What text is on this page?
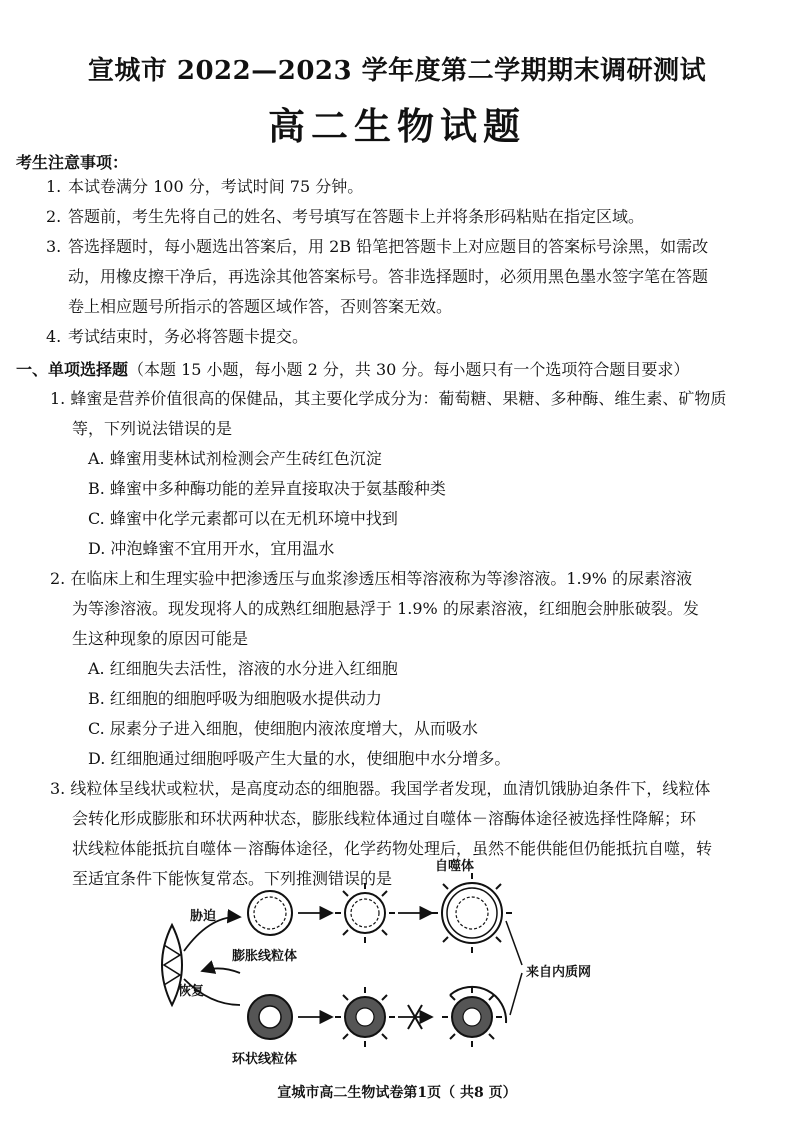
宣城市 2022—2023 学年度第二学期期末调研测试
高二生物试题
考生注意事项：
1. 本试卷满分 100 分，考试时间 75 分钟。
2. 答题前，考生先将自己的姓名、考号填写在答题卡上并将条形码粘贴在指定区域。
3. 答选择题时，每小题选出答案后，用 2B 铅笔把答题卡上对应题目的答案标号涂黑，如需改
动，用橡皮擦干净后，再选涂其他答案标号。答非选择题时，必须用黑色墨水签字笔在答题
卷上相应题号所指示的答题区域作答，否则答案无效。
4. 考试结束时，务必将答题卡提交。
一、单项选择题（本题 15 小题，每小题 2 分，共 30 分。每小题只有一个选项符合题目要求）
1. 蜂蜜是营养价值很高的保健品，其主要化学成分为：葡萄糖、果糖、多种酶、维生素、矿物质
等，下列说法错误的是
A. 蜂蜜用斐林试剂检测会产生砖红色沉淀
B. 蜂蜜中多种酶功能的差异直接取决于氨基酸种类
C. 蜂蜜中化学元素都可以在无机环境中找到
D. 冲泡蜂蜜不宜用开水，宜用温水
2. 在临床上和生理实验中把渗透压与血浆渗透压相等溶液称为等渗溶液。1.9% 的尿素溶液
为等渗溶液。现发现将人的成熟红细胞悬浮于 1.9% 的尿素溶液，红细胞会肿胀破裂。发
生这种现象的原因可能是
A. 红细胞失去活性，溶液的水分进入红细胞
B. 红细胞的细胞呼吸为细胞吸水提供动力
C. 尿素分子进入细胞，使细胞内液浓度增大，从而吸水
D. 红细胞通过细胞呼吸产生大量的水，使细胞中水分增多。
3. 线粒体呈线状或粒状，是高度动态的细胞器。我国学者发现，血清饥饿胁迫条件下，线粒体
会转化形成膨胀和环状两种状态，膨胀线粒体通过自噬体－溶酶体途径被选择性降解；环
状线粒体能抵抗自噬体－溶酶体途径，化学药物处理后，虽然不能供能但仍能抵抗自噬，转
至适宜条件下能恢复常态。下列推测错误的是
自噬体
胁迫
膨胀线粒体
恢复
环状线粒体
来自内质网
宣城市高二生物试卷第1页（ 共8 页）
